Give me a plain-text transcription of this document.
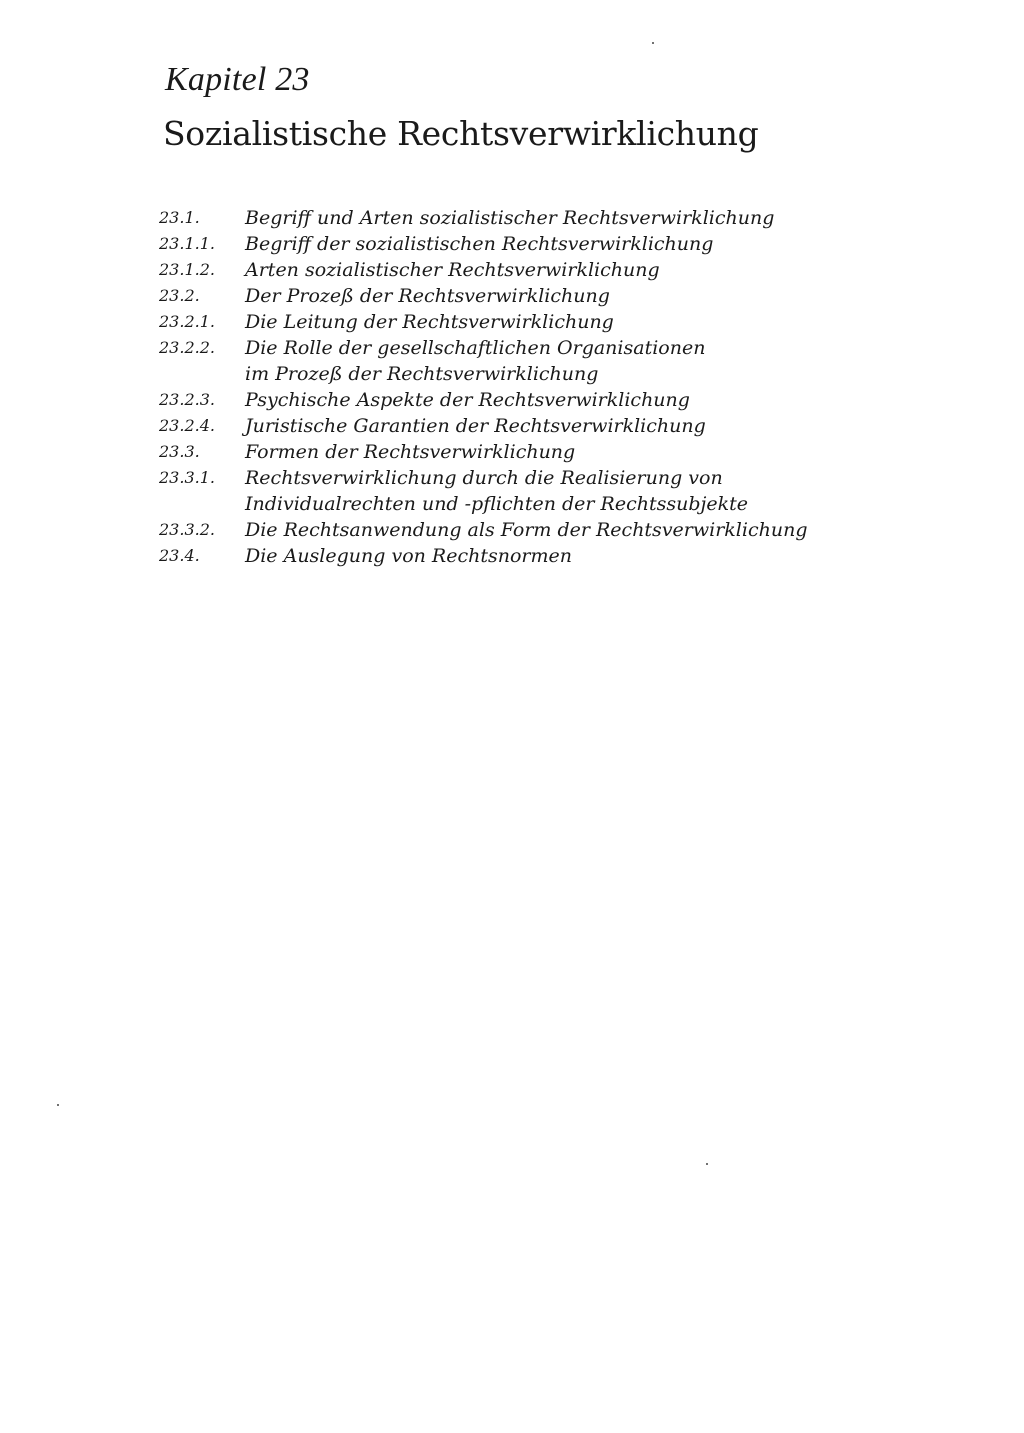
Kapitel 23
Sozialistische Rechtsverwirklichung
23.1.	Begriff und Arten sozialistischer Rechtsverwirklichung
23.1.1.	Begriff der sozialistischen Rechtsverwirklichung
23.1.2.	Arten sozialistischer Rechtsverwirklichung
23.2.	Der Prozeß der Rechtsverwirklichung
23.2.1.	Die Leitung der Rechtsverwirklichung
23.2.2.	Die Rolle der gesellschaftlichen Organisationen
im Prozeß der Rechtsverwirklichung
23.2.3.	Psychische Aspekte der Rechtsverwirklichung
23.2.4.	Juristische Garantien der Rechtsverwirklichung
23.3.	Formen der Rechtsverwirklichung
23.3.1.	Rechtsverwirklichung durch die Realisierung von
Individualrechten und -pflichten der Rechtssubjekte
23.3.2.	Die Rechtsanwendung als Form der Rechtsverwirklichung
23.4.	Die Auslegung von Rechtsnormen
